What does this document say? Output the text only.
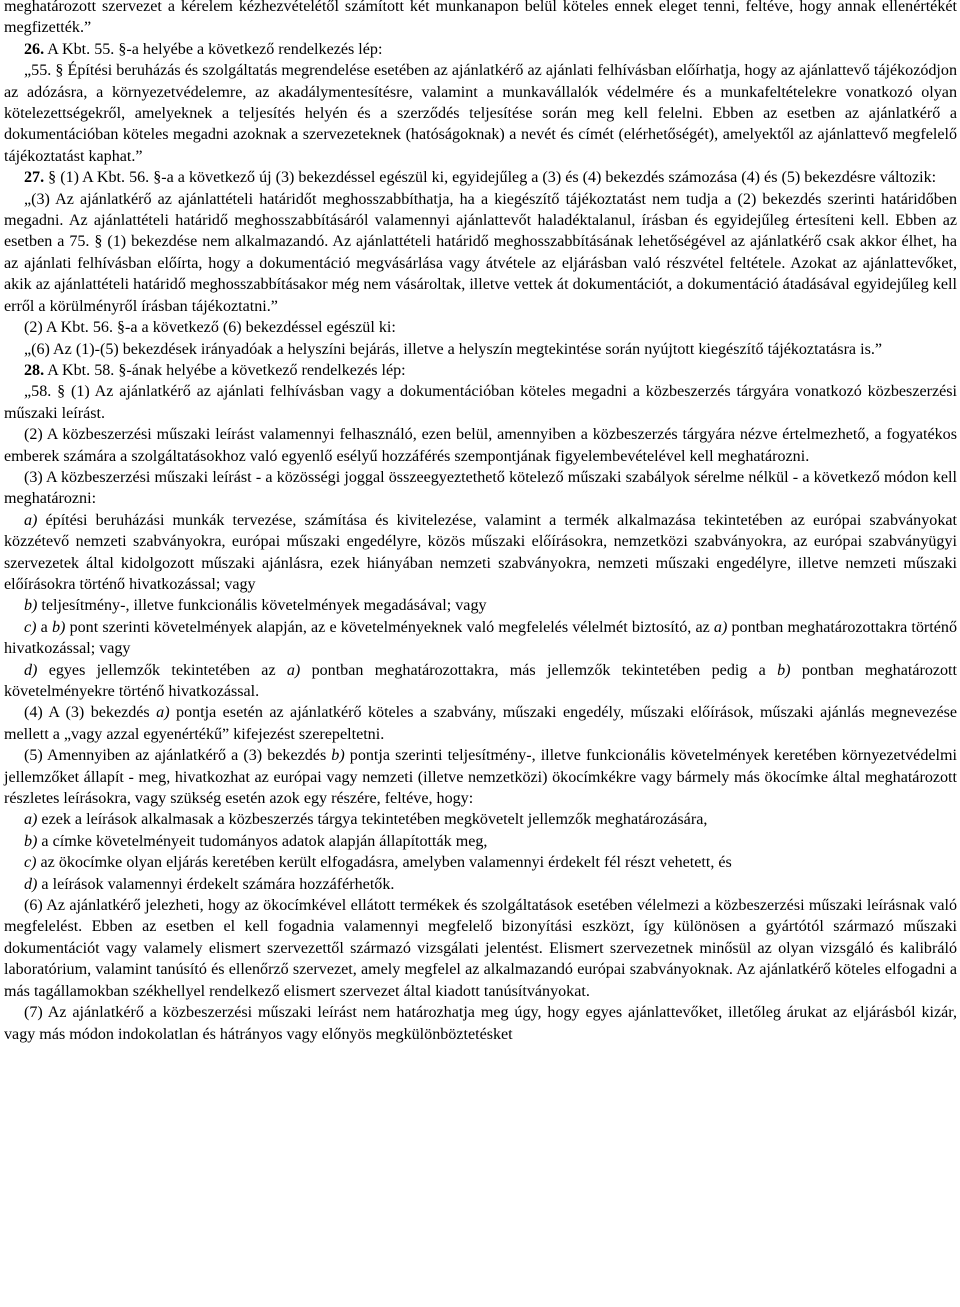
meghatározott szervezet a kérelem kézhezvételétől számított két munkanapon belül köteles ennek eleget tenni, feltéve, hogy annak ellenértékét megfizették.”

26. A Kbt. 55. §-a helyébe a következő rendelkezés lép:

„55. § Építési beruházás és szolgáltatás megrendelése esetében az ajánlatkérő az ajánlati felhívásban előírhatja, hogy az ajánlattevő tájékozódjon az adózásra, a környezetvédelemre, az akadálymentesítésre, valamint a munkavállalók védelmére és a munkafeltételekre vonatkozó olyan kötelezettségekről, amelyeknek a teljesítés helyén és a szerződés teljesítése során meg kell felelni. Ebben az esetben az ajánlatkérő a dokumentációban köteles megadni azoknak a szervezeteknek (hatóságoknak) a nevét és címét (elérhetőségét), amelyektől az ajánlattevő megfelelő tájékoztatást kaphat.”

27. § (1) A Kbt. 56. §-a a következő új (3) bekezdéssel egészül ki, egyidejűleg a (3) és (4) bekezdés számozása (4) és (5) bekezdésre változik:

„(3) Az ajánlatkérő az ajánlattételi határidőt meghosszabbíthatja, ha a kiegészítő tájékoztatást nem tudja a (2) bekezdés szerinti határidőben megadni. Az ajánlattételi határidő meghosszabbításáról valamennyi ajánlattevőt haladéktalanul, írásban és egyidejűleg értesíteni kell. Ebben az esetben a 75. § (1) bekezdése nem alkalmazandó. Az ajánlattételi határidő meghosszabbításának lehetőségével az ajánlatkérő csak akkor élhet, ha az ajánlati felhívásban előírta, hogy a dokumentáció megvásárlása vagy átvétele az eljárásban való részvétel feltétele. Azokat az ajánlattevőket, akik az ajánlattételi határidő meghosszabbításakor még nem vásároltak, illetve vettek át dokumentációt, a dokumentáció átadásával egyidejűleg kell erről a körülményről írásban tájékoztatni.”

(2) A Kbt. 56. §-a a következő (6) bekezdéssel egészül ki:

„(6) Az (1)-(5) bekezdések irányadóak a helyszíni bejárás, illetve a helyszín megtekintése során nyújtott kiegészítő tájékoztatásra is.”

28. A Kbt. 58. §-ának helyébe a következő rendelkezés lép:

„58. § (1) Az ajánlatkérő az ajánlati felhívásban vagy a dokumentációban köteles megadni a közbeszerzés tárgyára vonatkozó közbeszerzési műszaki leírást.

(2) A közbeszerzési műszaki leírást valamennyi felhasználó, ezen belül, amennyiben a közbeszerzés tárgyára nézve értelmezhető, a fogyatékos emberek számára a szolgáltatásokhoz való egyenlő esélyű hozzáférés szempontjának figyelembevételével kell meghatározni.

(3) A közbeszerzési műszaki leírást - a közösségi joggal összeegyeztethető kötelező műszaki szabályok sérelme nélkül - a következő módon kell meghatározni:

a) építési beruházási munkák tervezése, számítása és kivitelezése, valamint a termék alkalmazása tekintetében az európai szabványokat közzétevő nemzeti szabványokra, európai műszaki engedélyre, közös műszaki előírásokra, nemzetközi szabványokra, az európai szabványügyi szervezetek által kidolgozott műszaki ajánlásra, ezek hiányában nemzeti szabványokra, nemzeti műszaki engedélyre, illetve nemzeti műszaki előírásokra történő hivatkozással; vagy

b) teljesítmény-, illetve funkcionális követelmények megadásával; vagy

c) a b) pont szerinti követelmények alapján, az e követelményeknek való megfelelés vélelmét biztosító, az a) pontban meghatározottakra történő hivatkozással; vagy

d) egyes jellemzők tekintetében az a) pontban meghatározottakra, más jellemzők tekintetében pedig a b) pontban meghatározott követelményekre történő hivatkozással.

(4) A (3) bekezdés a) pontja esetén az ajánlatkérő köteles a szabvány, műszaki engedély, műszaki előírások, műszaki ajánlás megnevezése mellett a „vagy azzal egyenértékű” kifejezést szerepeltetni.

(5) Amennyiben az ajánlatkérő a (3) bekezdés b) pontja szerinti teljesítmény-, illetve funkcionális követelmények keretében környezetvédelmi jellemzőket állapít - meg, hivatkozhat az európai vagy nemzeti (illetve nemzetközi) ökocímkékre vagy bármely más ökocímke által meghatározott részletes leírásokra, vagy szükség esetén azok egy részére, feltéve, hogy:

a) ezek a leírások alkalmasak a közbeszerzés tárgya tekintetében megkövetelt jellemzők meghatározására,

b) a címke követelményeit tudományos adatok alapján állapították meg,

c) az ökocímke olyan eljárás keretében került elfogadásra, amelyben valamennyi érdekelt fél részt vehetett, és

d) a leírások valamennyi érdekelt számára hozzáférhetők.

(6) Az ajánlatkérő jelezheti, hogy az ökocímkével ellátott termékek és szolgáltatások esetében vélelmezi a közbeszerzési műszaki leírásnak való megfelelést. Ebben az esetben el kell fogadnia valamennyi megfelelő bizonyítási eszközt, így különösen a gyártótól származó műszaki dokumentációt vagy valamely elismert szervezettől származó vizsgálati jelentést. Elismert szervezetnek minősül az olyan vizsgáló és kalibráló laboratórium, valamint tanúsító és ellenőrző szervezet, amely megfelel az alkalmazandó európai szabványoknak. Az ajánlatkérő köteles elfogadni a más tagállamokban székhellyel rendelkező elismert szervezet által kiadott tanúsítványokat.

(7) Az ajánlatkérő a közbeszerzési műszaki leírást nem határozhatja meg úgy, hogy egyes ajánlattevőket, illetőleg árukat az eljárásból kizár, vagy más módon indokolatlan és hátrányos vagy előnyös megkülönböztetésket
